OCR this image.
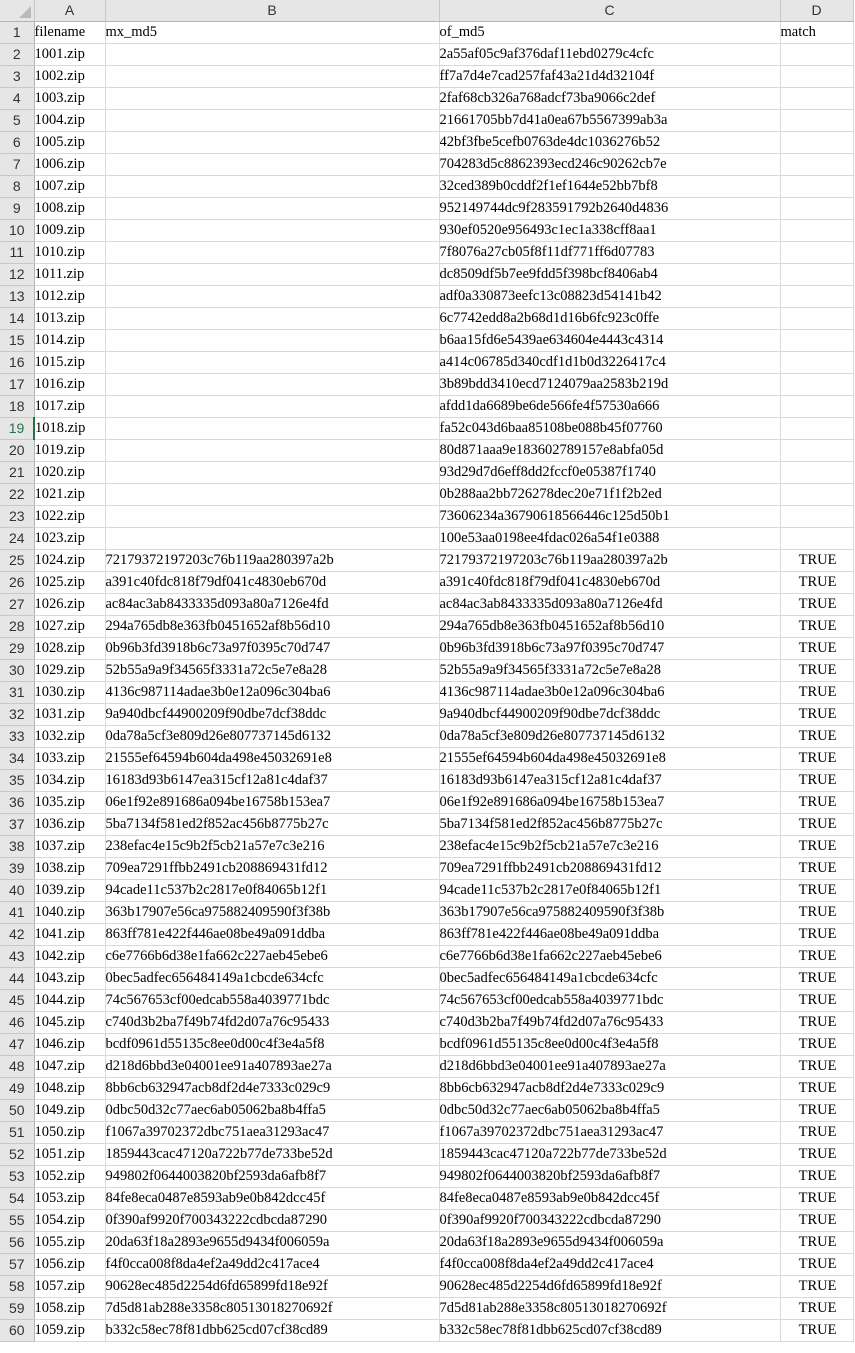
	A	B	C	D
1	filename	mx_md5	of_md5	match
2	1001.zip		2a55af05c9af376daf11ebd0279c4cfc	
3	1002.zip		ff7a7d4e7cad257faf43a21d4d32104f	
4	1003.zip		2faf68cb326a768adcf73ba9066c2def	
5	1004.zip		21661705bb7d41a0ea67b5567399ab3a	
6	1005.zip		42bf3fbe5cefb0763de4dc1036276b52	
7	1006.zip		704283d5c8862393ecd246c90262cb7e	
8	1007.zip		32ced389b0cddf2f1ef1644e52bb7bf8	
9	1008.zip		952149744dc9f283591792b2640d4836	
10	1009.zip		930ef0520e956493c1ec1a338cff8aa1	
11	1010.zip		7f8076a27cb05f8f11df771ff6d07783	
12	1011.zip		dc8509df5b7ee9fdd5f398bcf8406ab4	
13	1012.zip		adf0a330873eefc13c08823d54141b42	
14	1013.zip		6c7742edd8a2b68d1d16b6fc923c0ffe	
15	1014.zip		b6aa15fd6e5439ae634604e4443c4314	
16	1015.zip		a414c06785d340cdf1d1b0d3226417c4	
17	1016.zip		3b89bdd3410ecd7124079aa2583b219d	
18	1017.zip		afdd1da6689be6de566fe4f57530a666	
19	1018.zip		fa52c043d6baa85108be088b45f07760	
20	1019.zip		80d871aaa9e183602789157e8abfa05d	
21	1020.zip		93d29d7d6eff8dd2fccf0e05387f1740	
22	1021.zip		0b288aa2bb726278dec20e71f1f2b2ed	
23	1022.zip		73606234a36790618566446c125d50b1	
24	1023.zip		100e53aa0198ee4fdac026a54f1e0388	
25	1024.zip	72179372197203c76b119aa280397a2b	72179372197203c76b119aa280397a2b	TRUE
26	1025.zip	a391c40fdc818f79df041c4830eb670d	a391c40fdc818f79df041c4830eb670d	TRUE
27	1026.zip	ac84ac3ab8433335d093a80a7126e4fd	ac84ac3ab8433335d093a80a7126e4fd	TRUE
28	1027.zip	294a765db8e363fb0451652af8b56d10	294a765db8e363fb0451652af8b56d10	TRUE
29	1028.zip	0b96b3fd3918b6c73a97f0395c70d747	0b96b3fd3918b6c73a97f0395c70d747	TRUE
30	1029.zip	52b55a9a9f34565f3331a72c5e7e8a28	52b55a9a9f34565f3331a72c5e7e8a28	TRUE
31	1030.zip	4136c987114adae3b0e12a096c304ba6	4136c987114adae3b0e12a096c304ba6	TRUE
32	1031.zip	9a940dbcf44900209f90dbe7dcf38ddc	9a940dbcf44900209f90dbe7dcf38ddc	TRUE
33	1032.zip	0da78a5cf3e809d26e807737145d6132	0da78a5cf3e809d26e807737145d6132	TRUE
34	1033.zip	21555ef64594b604da498e45032691e8	21555ef64594b604da498e45032691e8	TRUE
35	1034.zip	16183d93b6147ea315cf12a81c4daf37	16183d93b6147ea315cf12a81c4daf37	TRUE
36	1035.zip	06e1f92e891686a094be16758b153ea7	06e1f92e891686a094be16758b153ea7	TRUE
37	1036.zip	5ba7134f581ed2f852ac456b8775b27c	5ba7134f581ed2f852ac456b8775b27c	TRUE
38	1037.zip	238efac4e15c9b2f5cb21a57e7c3e216	238efac4e15c9b2f5cb21a57e7c3e216	TRUE
39	1038.zip	709ea7291ffbb2491cb208869431fd12	709ea7291ffbb2491cb208869431fd12	TRUE
40	1039.zip	94cade11c537b2c2817e0f84065b12f1	94cade11c537b2c2817e0f84065b12f1	TRUE
41	1040.zip	363b17907e56ca975882409590f3f38b	363b17907e56ca975882409590f3f38b	TRUE
42	1041.zip	863ff781e422f446ae08be49a091ddba	863ff781e422f446ae08be49a091ddba	TRUE
43	1042.zip	c6e7766b6d38e1fa662c227aeb45ebe6	c6e7766b6d38e1fa662c227aeb45ebe6	TRUE
44	1043.zip	0bec5adfec656484149a1cbcde634cfc	0bec5adfec656484149a1cbcde634cfc	TRUE
45	1044.zip	74c567653cf00edcab558a4039771bdc	74c567653cf00edcab558a4039771bdc	TRUE
46	1045.zip	c740d3b2ba7f49b74fd2d07a76c95433	c740d3b2ba7f49b74fd2d07a76c95433	TRUE
47	1046.zip	bcdf0961d55135c8ee0d00c4f3e4a5f8	bcdf0961d55135c8ee0d00c4f3e4a5f8	TRUE
48	1047.zip	d218d6bbd3e04001ee91a407893ae27a	d218d6bbd3e04001ee91a407893ae27a	TRUE
49	1048.zip	8bb6cb632947acb8df2d4e7333c029c9	8bb6cb632947acb8df2d4e7333c029c9	TRUE
50	1049.zip	0dbc50d32c77aec6ab05062ba8b4ffa5	0dbc50d32c77aec6ab05062ba8b4ffa5	TRUE
51	1050.zip	f1067a39702372dbc751aea31293ac47	f1067a39702372dbc751aea31293ac47	TRUE
52	1051.zip	1859443cac47120a722b77de733be52d	1859443cac47120a722b77de733be52d	TRUE
53	1052.zip	949802f0644003820bf2593da6afb8f7	949802f0644003820bf2593da6afb8f7	TRUE
54	1053.zip	84fe8eca0487e8593ab9e0b842dcc45f	84fe8eca0487e8593ab9e0b842dcc45f	TRUE
55	1054.zip	0f390af9920f700343222cdbcda87290	0f390af9920f700343222cdbcda87290	TRUE
56	1055.zip	20da63f18a2893e9655d9434f006059a	20da63f18a2893e9655d9434f006059a	TRUE
57	1056.zip	f4f0cca008f8da4ef2a49dd2c417ace4	f4f0cca008f8da4ef2a49dd2c417ace4	TRUE
58	1057.zip	90628ec485d2254d6fd65899fd18e92f	90628ec485d2254d6fd65899fd18e92f	TRUE
59	1058.zip	7d5d81ab288e3358c80513018270692f	7d5d81ab288e3358c80513018270692f	TRUE
60	1059.zip	b332c58ec78f81dbb625cd07cf38cd89	b332c58ec78f81dbb625cd07cf38cd89	TRUE
